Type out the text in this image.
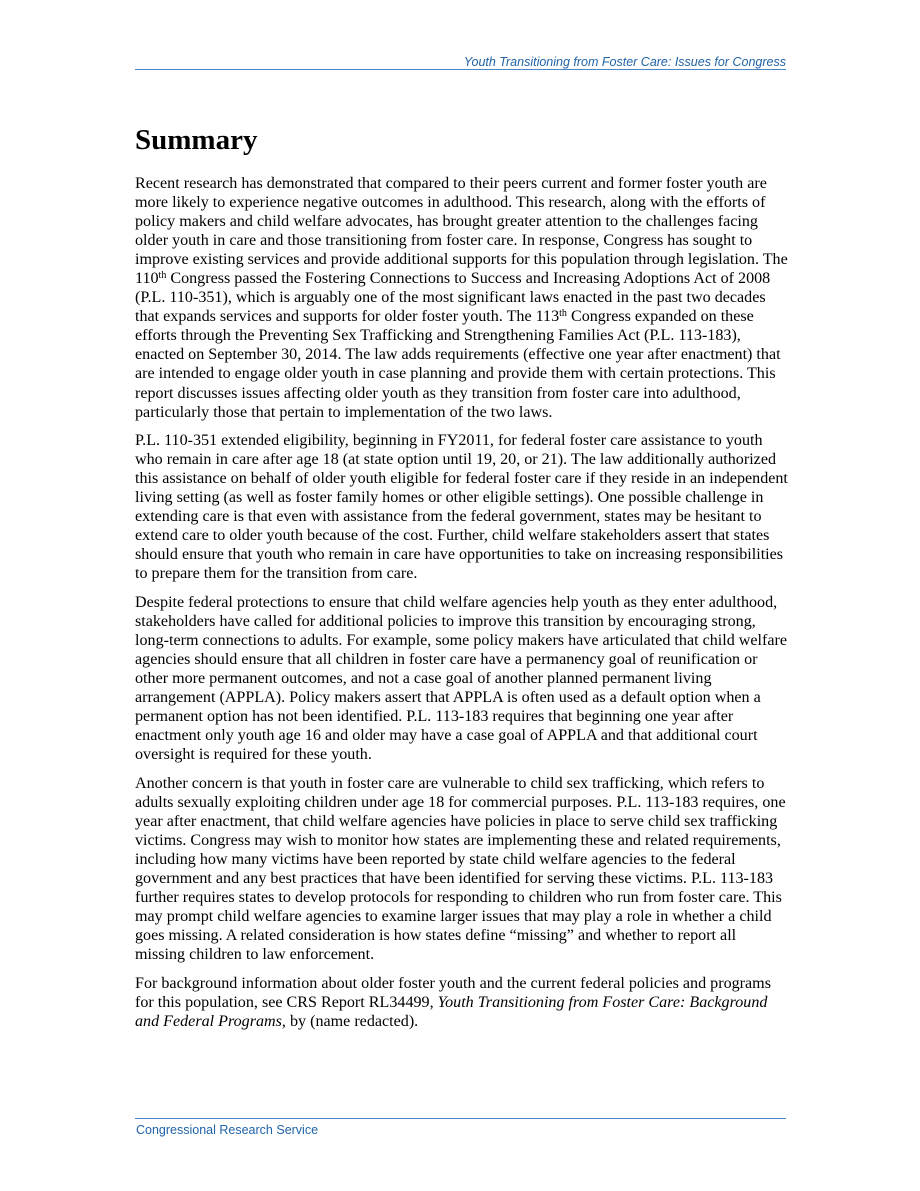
Youth Transitioning from Foster Care: Issues for Congress
Summary

Recent research has demonstrated that compared to their peers current and former foster youth are more likely to experience negative outcomes in adulthood. This research, along with the efforts of policy makers and child welfare advocates, has brought greater attention to the challenges facing older youth in care and those transitioning from foster care. In response, Congress has sought to improve existing services and provide additional supports for this population through legislation. The 110th Congress passed the Fostering Connections to Success and Increasing Adoptions Act of 2008 (P.L. 110-351), which is arguably one of the most significant laws enacted in the past two decades that expands services and supports for older foster youth. The 113th Congress expanded on these efforts through the Preventing Sex Trafficking and Strengthening Families Act (P.L. 113-183), enacted on September 30, 2014. The law adds requirements (effective one year after enactment) that are intended to engage older youth in case planning and provide them with certain protections. This report discusses issues affecting older youth as they transition from foster care into adulthood, particularly those that pertain to implementation of the two laws.

P.L. 110-351 extended eligibility, beginning in FY2011, for federal foster care assistance to youth who remain in care after age 18 (at state option until 19, 20, or 21). The law additionally authorized this assistance on behalf of older youth eligible for federal foster care if they reside in an independent living setting (as well as foster family homes or other eligible settings). One possible challenge in extending care is that even with assistance from the federal government, states may be hesitant to extend care to older youth because of the cost. Further, child welfare stakeholders assert that states should ensure that youth who remain in care have opportunities to take on increasing responsibilities to prepare them for the transition from care.

Despite federal protections to ensure that child welfare agencies help youth as they enter adulthood, stakeholders have called for additional policies to improve this transition by encouraging strong, long-term connections to adults. For example, some policy makers have articulated that child welfare agencies should ensure that all children in foster care have a permanency goal of reunification or other more permanent outcomes, and not a case goal of another planned permanent living arrangement (APPLA). Policy makers assert that APPLA is often used as a default option when a permanent option has not been identified. P.L. 113-183 requires that beginning one year after enactment only youth age 16 and older may have a case goal of APPLA and that additional court oversight is required for these youth.

Another concern is that youth in foster care are vulnerable to child sex trafficking, which refers to adults sexually exploiting children under age 18 for commercial purposes. P.L. 113-183 requires, one year after enactment, that child welfare agencies have policies in place to serve child sex trafficking victims. Congress may wish to monitor how states are implementing these and related requirements, including how many victims have been reported by state child welfare agencies to the federal government and any best practices that have been identified for serving these victims. P.L. 113-183 further requires states to develop protocols for responding to children who run from foster care. This may prompt child welfare agencies to examine larger issues that may play a role in whether a child goes missing. A related consideration is how states define “missing” and whether to report all missing children to law enforcement.

For background information about older foster youth and the current federal policies and programs for this population, see CRS Report RL34499, Youth Transitioning from Foster Care: Background and Federal Programs, by (name redacted).

Congressional Research Service
